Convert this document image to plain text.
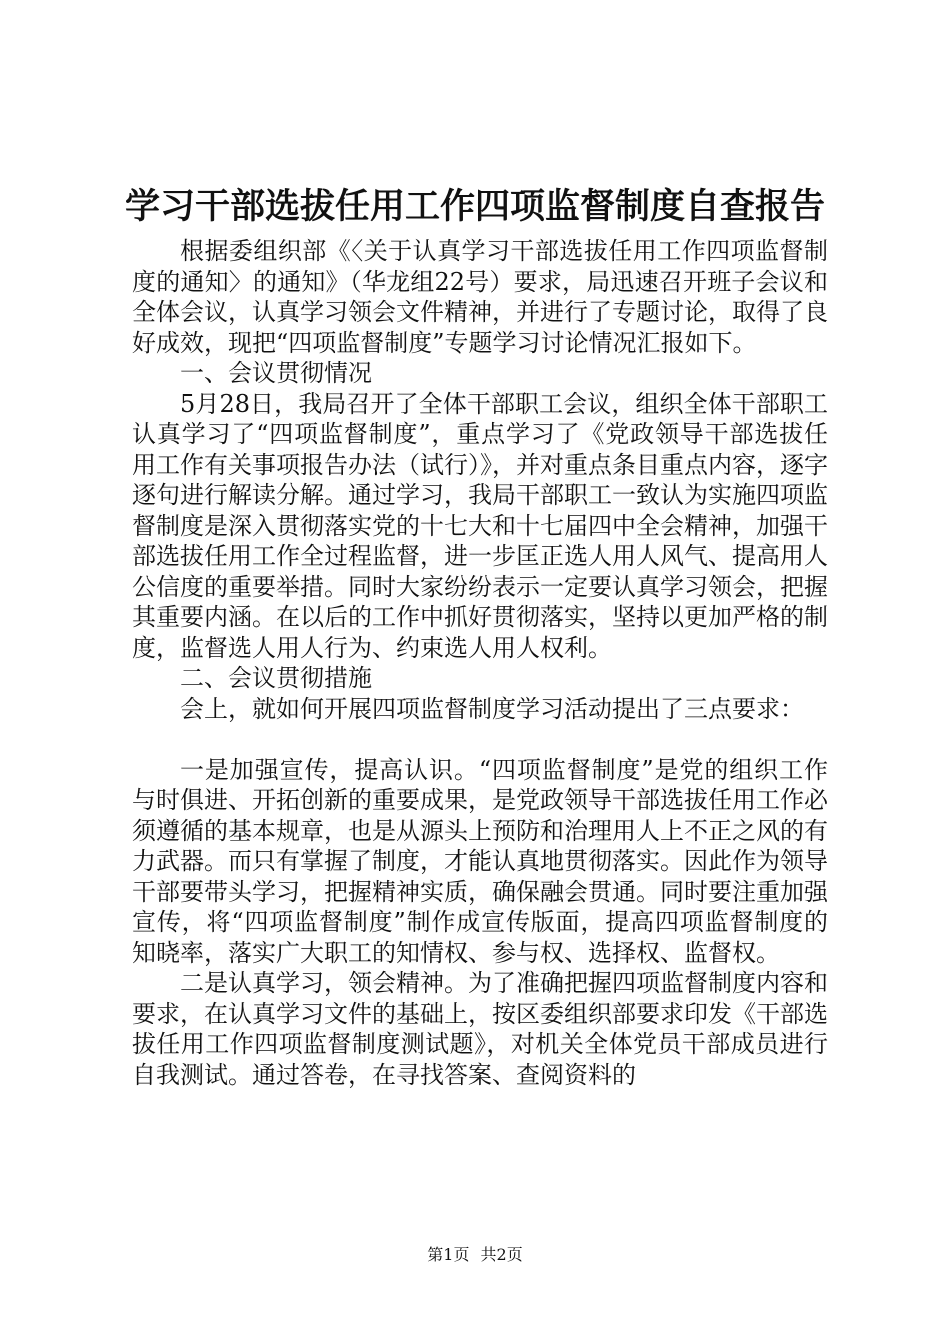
学习干部选拔任用工作四项监督制度自查报告

根据委组织部《〈关于认真学习干部选拔任用工作四项监督制度的通知〉的通知》（华龙组22号）要求，局迅速召开班子会议和全体会议，认真学习领会文件精神，并进行了专题讨论，取得了良好成效，现把“四项监督制度”专题学习讨论情况汇报如下。

一、会议贯彻情况

5月28日，我局召开了全体干部职工会议，组织全体干部职工认真学习了“四项监督制度”，重点学习了《党政领导干部选拔任用工作有关事项报告办法（试行）》，并对重点条目重点内容，逐字逐句进行解读分解。通过学习，我局干部职工一致认为实施四项监督制度是深入贯彻落实党的十七大和十七届四中全会精神，加强干部选拔任用工作全过程监督，进一步匡正选人用人风气、提高用人公信度的重要举措。同时大家纷纷表示一定要认真学习领会，把握其重要内涵。在以后的工作中抓好贯彻落实，坚持以更加严格的制度，监督选人用人行为、约束选人用人权利。

二、会议贯彻措施

会上，就如何开展四项监督制度学习活动提出了三点要求：

一是加强宣传，提高认识。“四项监督制度”是党的组织工作与时俱进、开拓创新的重要成果，是党政领导干部选拔任用工作必须遵循的基本规章，也是从源头上预防和治理用人上不正之风的有力武器。而只有掌握了制度，才能认真地贯彻落实。因此作为领导干部要带头学习，把握精神实质，确保融会贯通。同时要注重加强宣传，将“四项监督制度”制作成宣传版面，提高四项监督制度的知晓率，落实广大职工的知情权、参与权、选择权、监督权。

二是认真学习，领会精神。为了准确把握四项监督制度内容和要求，在认真学习文件的基础上，按区委组织部要求印发《干部选拔任用工作四项监督制度测试题》，对机关全体党员干部成员进行自我测试。通过答卷，在寻找答案、查阅资料的

第1页 共2页
